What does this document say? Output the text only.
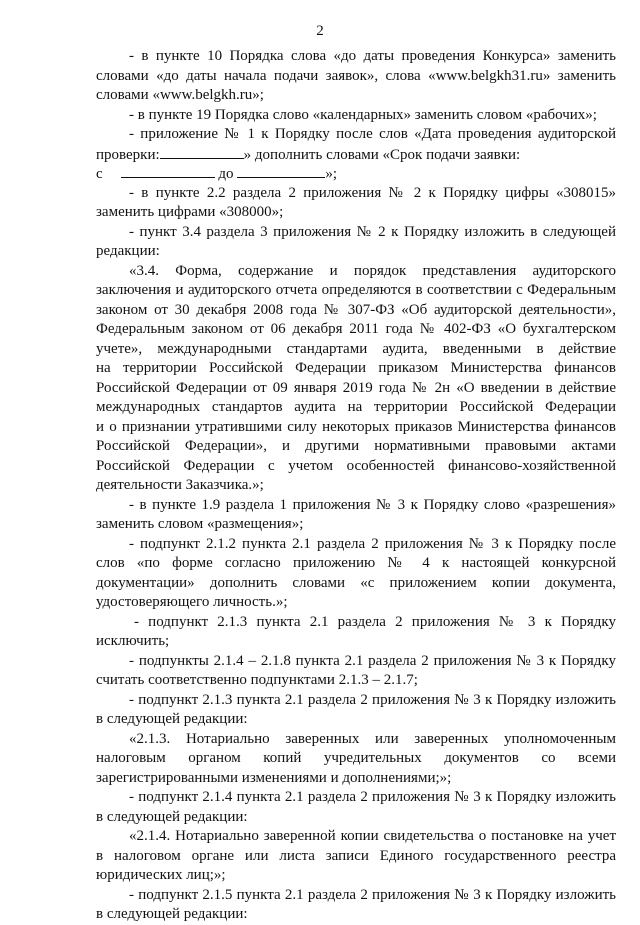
2
- в пункте 10 Порядка слова «до даты проведения Конкурса» заменить
словами «до даты начала подачи заявок», слова «www.belgkh31.ru» заменить
словами «www.belgkh.ru»;
- в пункте 19 Порядка слово «календарных» заменить словом «рабочих»;
- приложение № 1 к Порядку после слов «Дата проведения аудиторской
проверки:	» дополнить словами «Срок подачи заявки:
с	до	»;
- в пункте 2.2 раздела 2 приложения № 2 к Порядку цифры «308015»
заменить цифрами «308000»;
- пункт 3.4 раздела 3 приложения № 2 к Порядку изложить в следующей
редакции:
«3.4. Форма, содержание и порядок представления аудиторского
заключения и аудиторского отчета определяются в соответствии с Федеральным
законом от 30 декабря 2008 года № 307-ФЗ «Об аудиторской деятельности»,
Федеральным законом от 06 декабря 2011 года № 402-ФЗ «О бухгалтерском
учете», международными стандартами аудита, введенными в действие
на территории Российской Федерации приказом Министерства финансов
Российской Федерации от 09 января 2019 года № 2н «О введении в действие
международных стандартов аудита на территории Российской Федерации
и о признании утратившими силу некоторых приказов Министерства финансов
Российской Федерации», и другими нормативными правовыми актами
Российской Федерации с учетом особенностей финансово-хозяйственной
деятельности Заказчика.»;
- в пункте 1.9 раздела 1 приложения № 3 к Порядку слово «разрешения»
заменить словом «размещения»;
- подпункт 2.1.2 пункта 2.1 раздела 2 приложения № 3 к Порядку после
слов «по форме согласно приложению № 4 к настоящей конкурсной
документации» дополнить словами «с приложением копии документа,
удостоверяющего личность.»;
- подпункт 2.1.3 пункта 2.1 раздела 2 приложения № 3 к Порядку
исключить;
- подпункты 2.1.4 – 2.1.8 пункта 2.1 раздела 2 приложения № 3 к Порядку
считать соответственно подпунктами 2.1.3 – 2.1.7;
- подпункт 2.1.3 пункта 2.1 раздела 2 приложения № 3 к Порядку изложить
в следующей редакции:
«2.1.3. Нотариально заверенных или заверенных уполномоченным
налоговым органом копий учредительных документов со всеми
зарегистрированными изменениями и дополнениями;»;
- подпункт 2.1.4 пункта 2.1 раздела 2 приложения № 3 к Порядку изложить
в следующей редакции:
«2.1.4. Нотариально заверенной копии свидетельства о постановке на учет
в налоговом органе или листа записи Единого государственного реестра
юридических лиц;»;
- подпункт 2.1.5 пункта 2.1 раздела 2 приложения № 3 к Порядку изложить
в следующей редакции:
